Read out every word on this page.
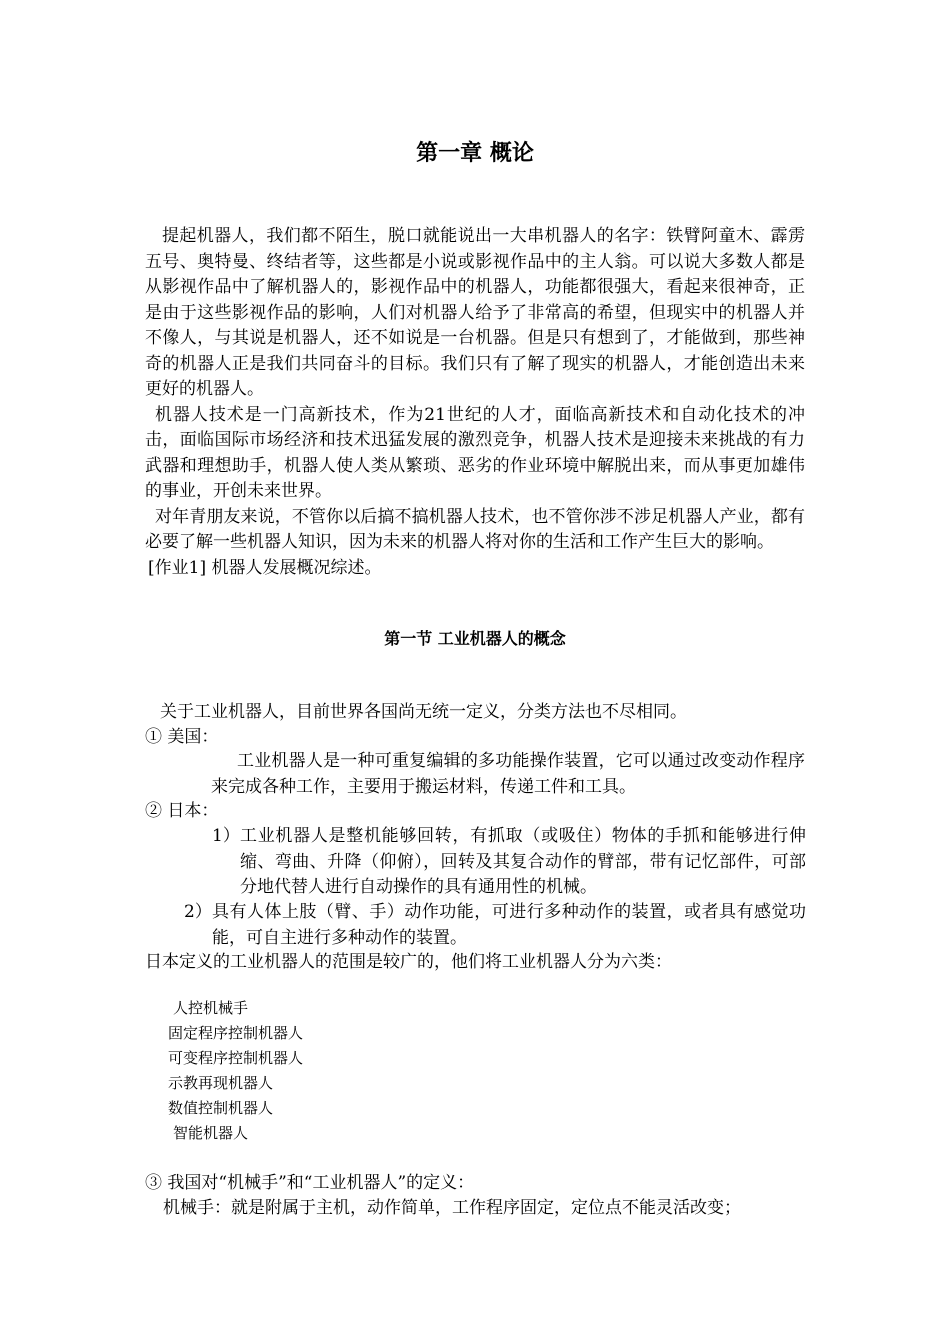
第一章 概论

提起机器人，我们都不陌生，脱口就能说出一大串机器人的名字：铁臂阿童木、霹雳五号、奥特曼、终结者等，这些都是小说或影视作品中的主人翁。可以说大多数人都是从影视作品中了解机器人的，影视作品中的机器人，功能都很强大，看起来很神奇，正是由于这些影视作品的影响，人们对机器人给予了非常高的希望，但现实中的机器人并不像人，与其说是机器人，还不如说是一台机器。但是只有想到了，才能做到，那些神奇的机器人正是我们共同奋斗的目标。我们只有了解了现实的机器人，才能创造出未来更好的机器人。

机器人技术是一门高新技术，作为21世纪的人才，面临高新技术和自动化技术的冲击，面临国际市场经济和技术迅猛发展的激烈竞争，机器人技术是迎接未来挑战的有力武器和理想助手，机器人使人类从繁琐、恶劣的作业环境中解脱出来，而从事更加雄伟的事业，开创未来世界。

对年青朋友来说，不管你以后搞不搞机器人技术，也不管你涉不涉足机器人产业，都有必要了解一些机器人知识，因为未来的机器人将对你的生活和工作产生巨大的影响。

[作业1] 机器人发展概况综述。

第一节 工业机器人的概念
关于工业机器人，目前世界各国尚无统一定义，分类方法也不尽相同。
① 美国：
工业机器人是一种可重复编辑的多功能操作装置，它可以通过改变动作程序来完成各种工作，主要用于搬运材料，传递工件和工具。
② 日本：
1） 工业机器人是整机能够回转，有抓取（或吸住）物体的手抓和能够进行伸缩、弯曲、升降（仰俯），回转及其复合动作的臂部，带有记忆部件，可部分地代替人进行自动操作的具有通用性的机械。
2） 具有人体上肢（臂、手）动作功能，可进行多种动作的装置，或者具有感觉功能，可自主进行多种动作的装置。
日本定义的工业机器人的范围是较广的，他们将工业机器人分为六类：
人控机械手
固定程序控制机器人
可变程序控制机器人
示教再现机器人
数值控制机器人
智能机器人
③ 我国对“机械手”和“工业机器人”的定义：
机械手：就是附属于主机，动作简单，工作程序固定，定位点不能灵活改变；
